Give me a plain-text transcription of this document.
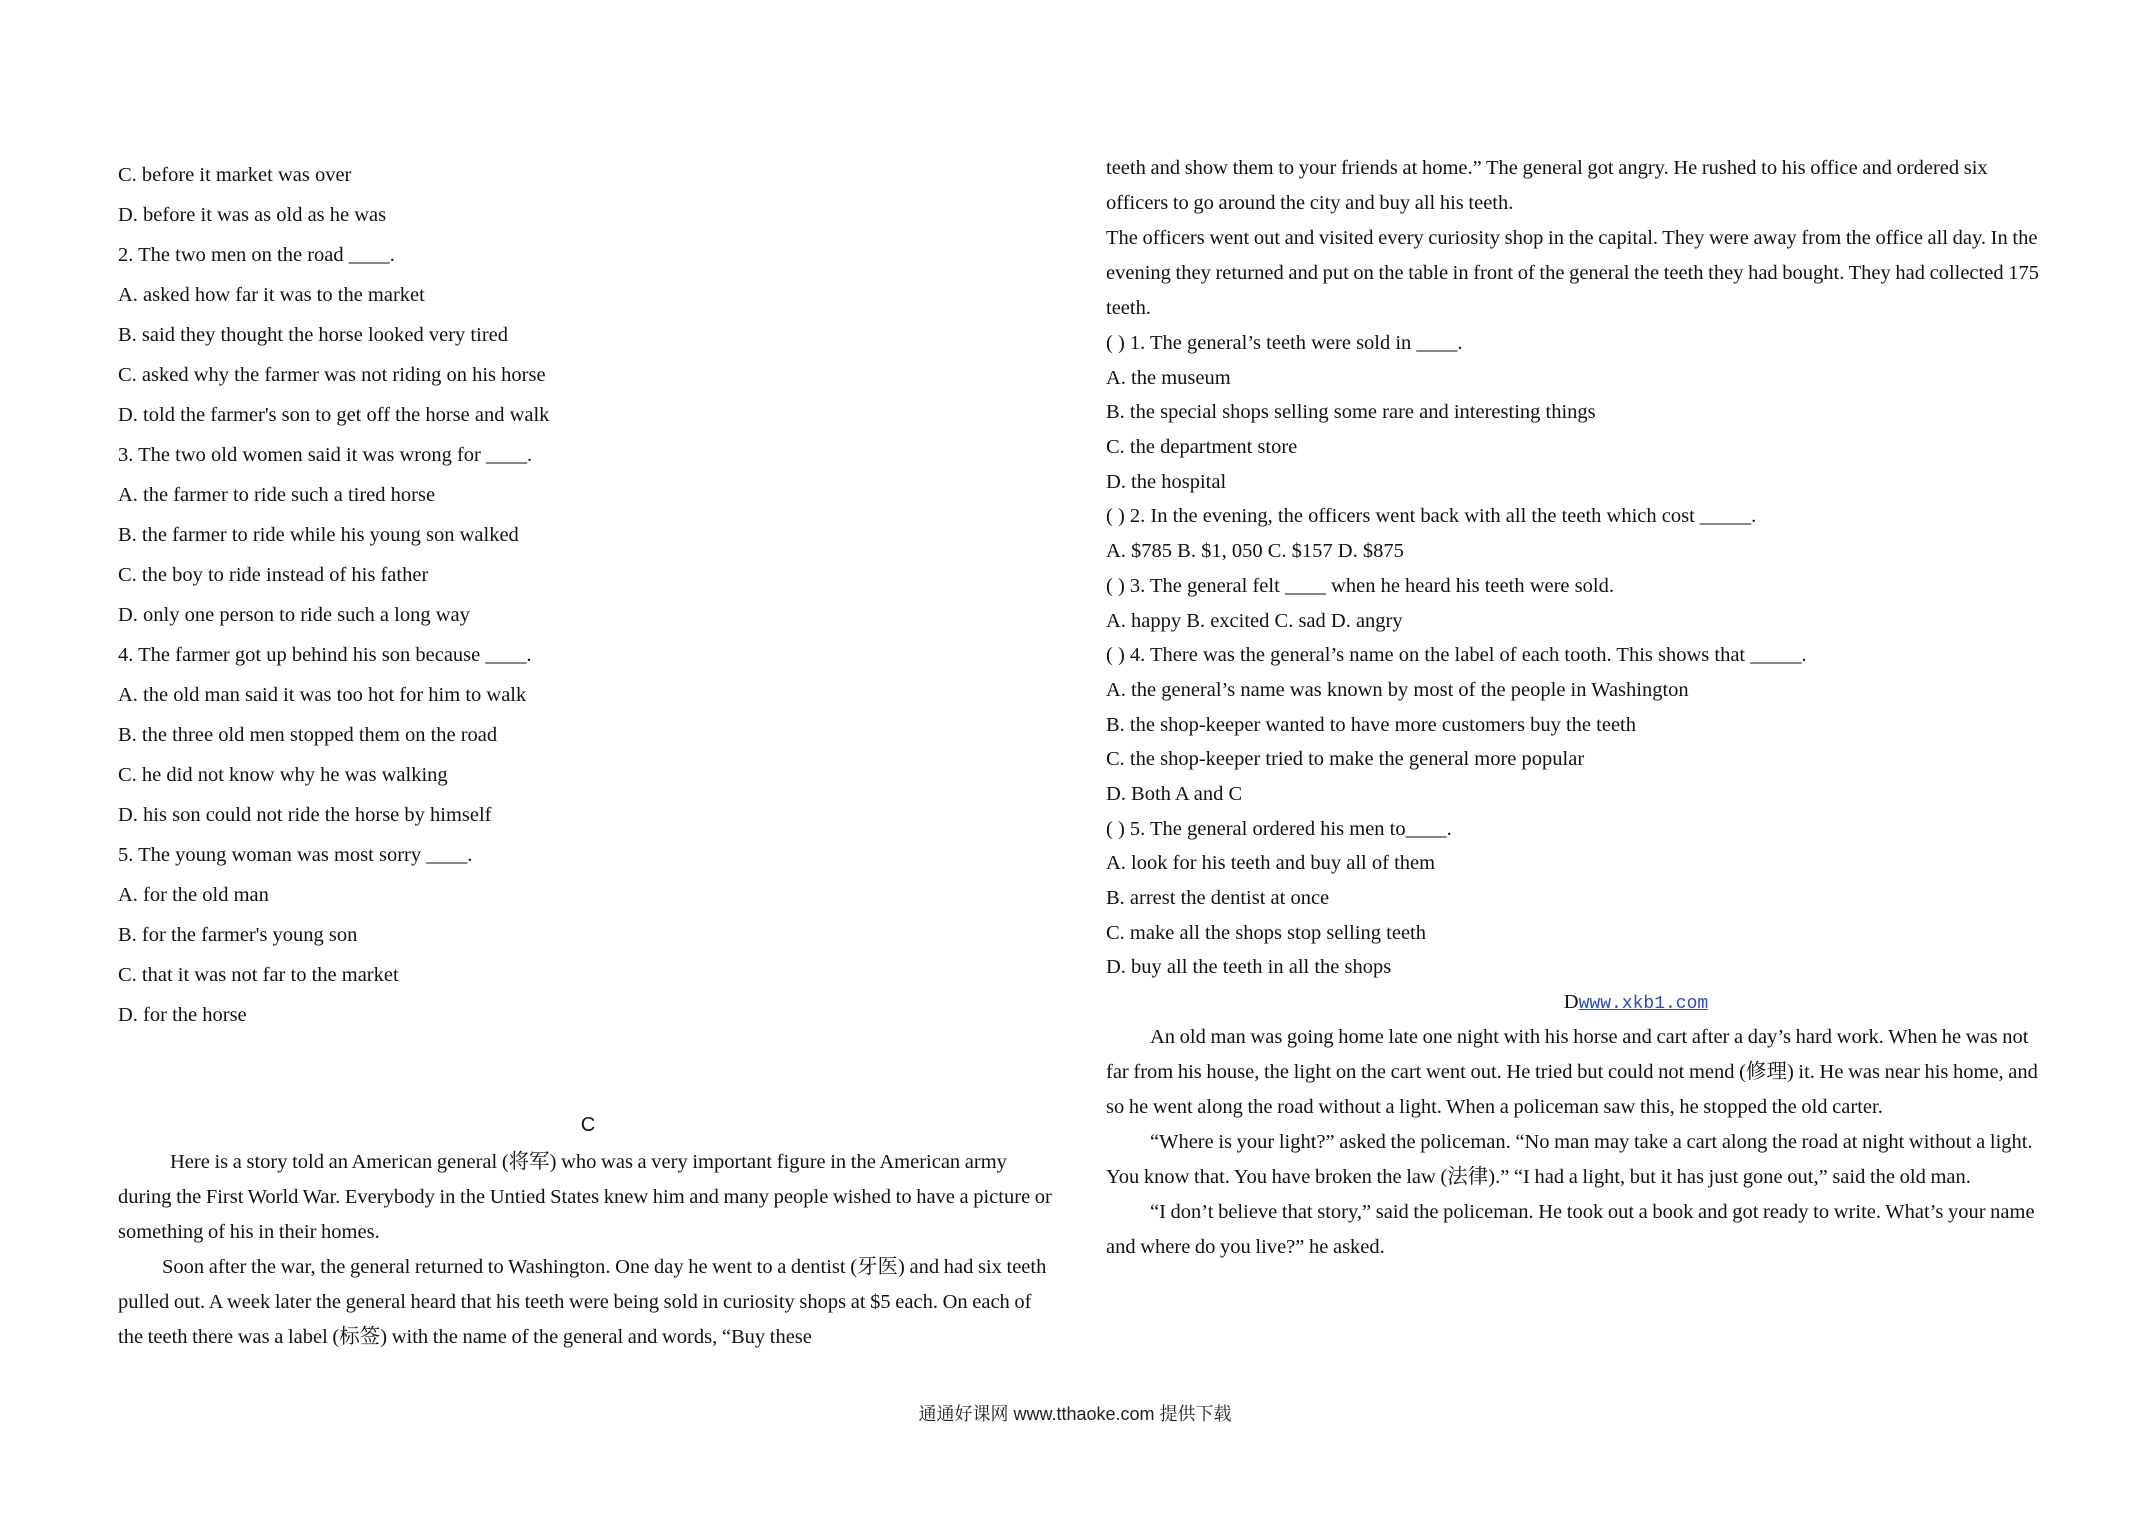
C. before it market was over
D. before it was as old as he was
2. The two men on the road ____.
A. asked how far it was to the market
B. said they thought the horse looked very tired
C. asked why the farmer was not riding on his horse
D. told the farmer's son to get off the horse and walk
3. The two old women said it was wrong for ____.
A. the farmer to ride such a tired horse
B. the farmer to ride while his young son walked
C. the boy to ride instead of his father
D. only one person to ride such a long way
4. The farmer got up behind his son because ____.
A. the old man said it was too hot for him to walk
B. the three old men stopped them on the road
C. he did not know why he was walking
D. his son could not ride the horse by himself
5. The young woman was most sorry ____.
A. for the old man
B. for the farmer's young son
C. that it was not far to the market
D. for the horse
C
Here is a story told an American general (将军) who was a very important figure in the American army during the First World War. Everybody in the Untied States knew him and many people wished to have a picture or something of his in their homes.
Soon after the war, the general returned to Washington. One day he went to a dentist (牙医) and had six teeth pulled out. A week later the general heard that his teeth were being sold in curiosity shops at $5 each. On each of the teeth there was a label (标签) with the name of the general and words, “Buy these
teeth and show them to your friends at home.” The general got angry. He rushed to his office and ordered six officers to go around the city and buy all his teeth.
The officers went out and visited every curiosity shop in the capital. They were away from the office all day. In the evening they returned and put on the table in front of the general the teeth they had bought. They had collected 175 teeth.
( ) 1. The general’s teeth were sold in ____.
A. the museum
B. the special shops selling some rare and interesting things
C. the department store
D. the hospital
( ) 2. In the evening, the officers went back with all the teeth which cost _____.
A. $785 B. $1, 050 C. $157 D. $875
( ) 3. The general felt ____ when he heard his teeth were sold.
A. happy B. excited C. sad D. angry
( ) 4. There was the general’s name on the label of each tooth. This shows that _____.
A. the general’s name was known by most of the people in Washington
B. the shop-keeper wanted to have more customers buy the teeth
C. the shop-keeper tried to make the general more popular
D. Both A and C
( ) 5. The general ordered his men to____.
A. look for his teeth and buy all of them
B. arrest the dentist at once
C. make all the shops stop selling teeth
D. buy all the teeth in all the shops
Dwww.xkb1.com
An old man was going home late one night with his horse and cart after a day’s hard work. When he was not far from his house, the light on the cart went out. He tried but could not mend (修理) it. He was near his home, and so he went along the road without a light. When a policeman saw this, he stopped the old carter.
“Where is your light?” asked the policeman. “No man may take a cart along the road at night without a light. You know that. You have broken the law (法律).” “I had a light, but it has just gone out,” said the old man.
“I don’t believe that story,” said the policeman. He took out a book and got ready to write. What’s your name and where do you live?” he asked.
通通好课网 www.tthaoke.com 提供下载
